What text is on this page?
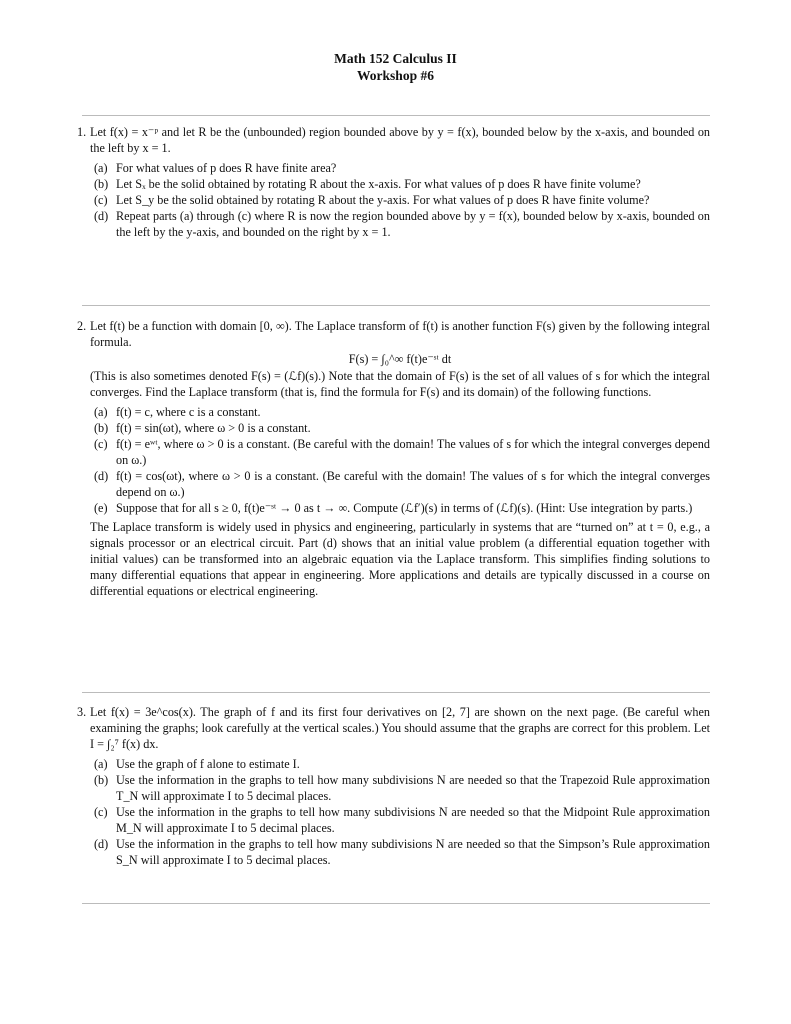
Math 152 Calculus II
Workshop #6
1. Let f(x) = x⁻ᵖ and let R be the (unbounded) region bounded above by y = f(x), bounded below by the x-axis, and bounded on the left by x = 1.

(a) For what values of p does R have finite area?
(b) Let Sₓ be the solid obtained by rotating R about the x-axis. For what values of p does R have finite volume?
(c) Let S_y be the solid obtained by rotating R about the y-axis. For what values of p does R have finite volume?
(d) Repeat parts (a) through (c) where R is now the region bounded above by y = f(x), bounded below by x-axis, bounded on the left by the y-axis, and bounded on the right by x = 1.
2. Let f(t) be a function with domain [0, ∞). The Laplace transform of f(t) is another function F(s) given by the following integral formula.

F(s) = ∫₀^∞ f(t)e⁻ˢᵗ dt

(This is also sometimes denoted F(s) = (ℒf)(s).) Note that the domain of F(s) is the set of all values of s for which the integral converges. Find the Laplace transform (that is, find the formula for F(s) and its domain) of the following functions.

(a) f(t) = c, where c is a constant.
(b) f(t) = sin(ωt), where ω > 0 is a constant.
(c) f(t) = eʷᵗ, where ω > 0 is a constant. (Be careful with the domain! The values of s for which the integral converges depend on ω.)
(d) f(t) = cos(ωt), where ω > 0 is a constant. (Be careful with the domain! The values of s for which the integral converges depend on ω.)
(e) Suppose that for all s ≥ 0, f(t)e⁻ˢᵗ → 0 as t → ∞. Compute (ℒf′)(s) in terms of (ℒf)(s). (Hint: Use integration by parts.)

The Laplace transform is widely used in physics and engineering, particularly in systems that are “turned on” at t = 0, e.g., a signals processor or an electrical circuit. Part (d) shows that an initial value problem (a differential equation together with initial values) can be transformed into an algebraic equation via the Laplace transform. This simplifies finding solutions to many differential equations that appear in engineering. More applications and details are typically discussed in a course on differential equations or electrical engineering.

3. Let f(x) = 3e^cos(x). The graph of f and its first four derivatives on [2, 7] are shown on the next page. (Be careful when examining the graphs; look carefully at the vertical scales.) You should assume that the graphs are correct for this problem. Let I = ∫₂⁷ f(x) dx.

(a) Use the graph of f alone to estimate I.
(b) Use the information in the graphs to tell how many subdivisions N are needed so that the Trapezoid Rule approximation T_N will approximate I to 5 decimal places.
(c) Use the information in the graphs to tell how many subdivisions N are needed so that the Midpoint Rule approximation M_N will approximate I to 5 decimal places.
(d) Use the information in the graphs to tell how many subdivisions N are needed so that the Simpson’s Rule approximation S_N will approximate I to 5 decimal places.
